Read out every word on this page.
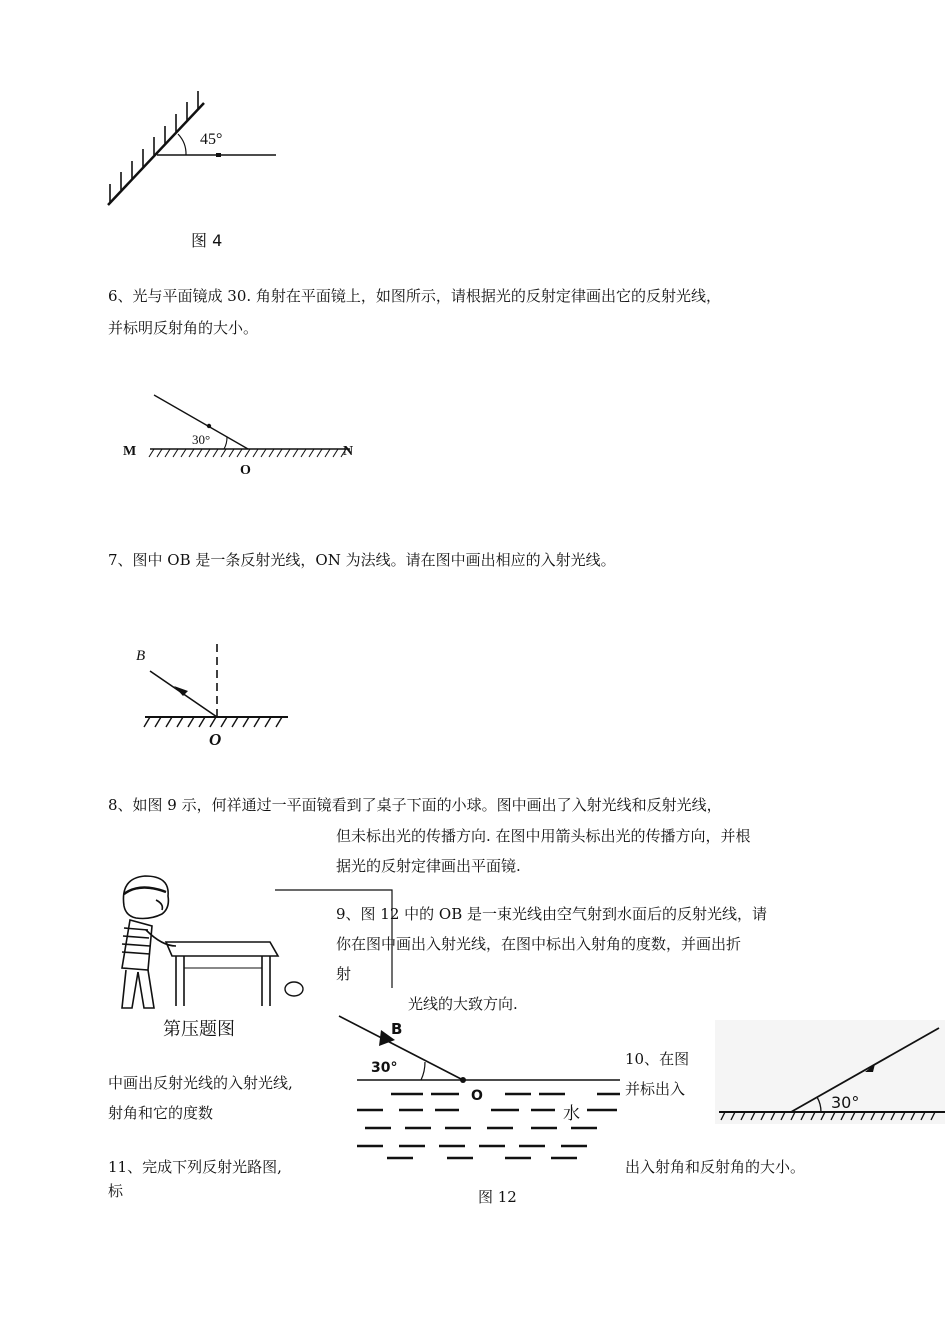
45°
图 4
6、光与平面镜成 30. 角射在平面镜上，如图所示，请根据光的反射定律画出它的反射光线，
并标明反射角的大小。
M	N
O
30°
7、图中 OB 是一条反射光线，ON 为法线。请在图中画出相应的入射光线。
B
O
8、如图 9 示，何祥通过一平面镜看到了桌子下面的小球。图中画出了入射光线和反射光线，
但未标出光的传播方向. 在图中用箭头标出光的传播方向，并根
据光的反射定律画出平面镜.
第压题图
9、图 12 中的 OB 是一束光线由空气射到水面后的反射光线，请
你在图中画出入射光线，在图中标出入射角的度数，并画出折
射
光线的大致方向.
B
30°
O
水
图 12
10、在图
并标出入
出入射角和反射角的大小。
30°
中画出反射光线的入射光线,
射角和它的度数
11、完成下列反射光路图,
标
